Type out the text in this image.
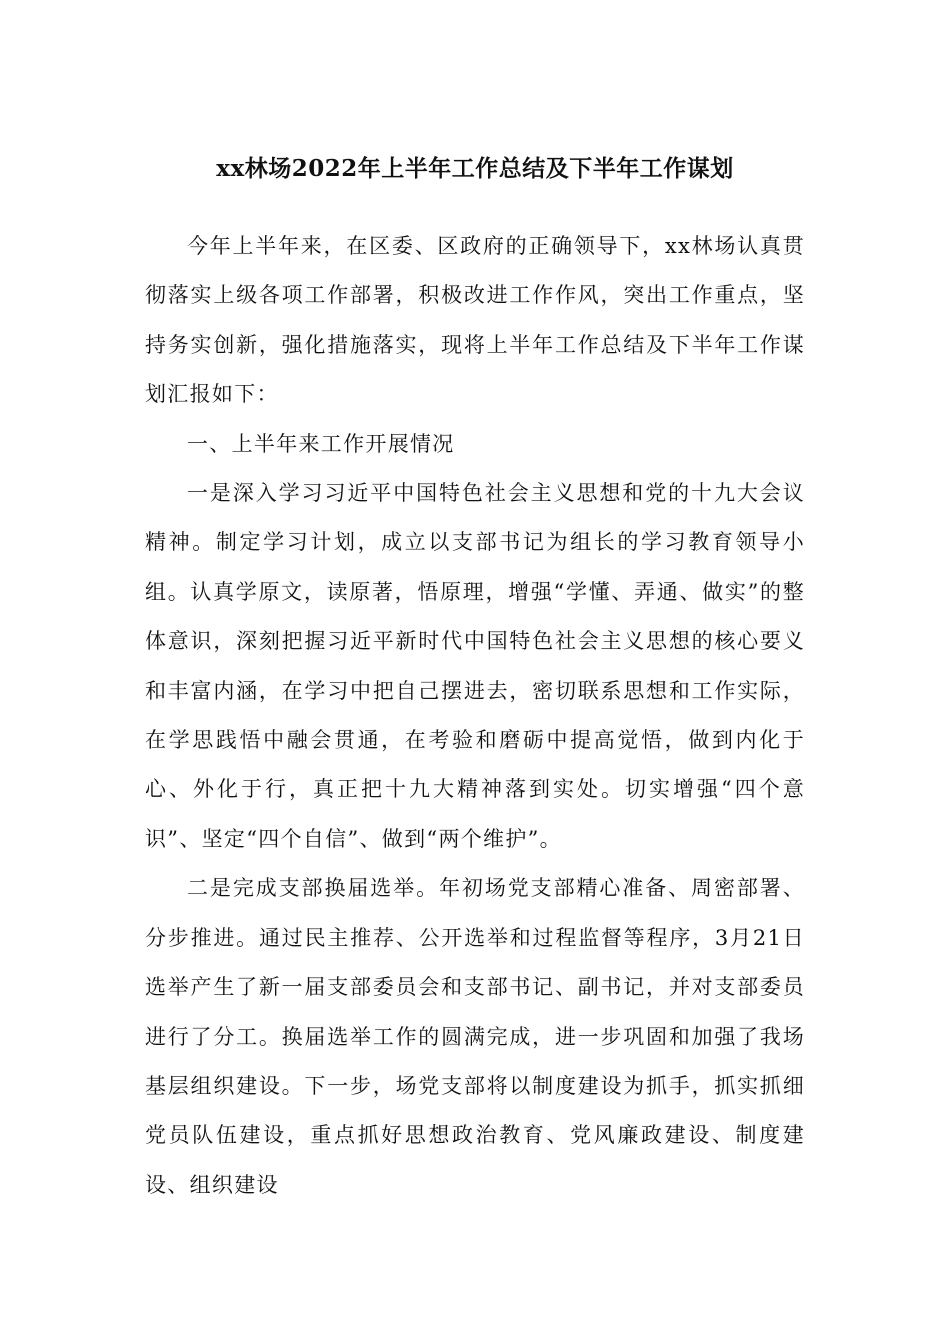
xx林场2022年上半年工作总结及下半年工作谋划

今年上半年来，在区委、区政府的正确领导下，xx林场认真贯彻落实上级各项工作部署，积极改进工作作风，突出工作重点，坚持务实创新，强化措施落实，现将上半年工作总结及下半年工作谋划汇报如下：

一、上半年来工作开展情况

一是深入学习习近平中国特色社会主义思想和党的十九大会议精神。制定学习计划，成立以支部书记为组长的学习教育领导小组。认真学原文，读原著，悟原理，增强“学懂、弄通、做实”的整体意识，深刻把握习近平新时代中国特色社会主义思想的核心要义和丰富内涵，在学习中把自己摆进去，密切联系思想和工作实际，在学思践悟中融会贯通，在考验和磨砺中提高觉悟，做到内化于心、外化于行，真正把十九大精神落到实处。切实增强“四个意识”、坚定“四个自信”、做到“两个维护”。

二是完成支部换届选举。年初场党支部精心准备、周密部署、分步推进。通过民主推荐、公开选举和过程监督等程序，3月21日选举产生了新一届支部委员会和支部书记、副书记，并对支部委员进行了分工。换届选举工作的圆满完成，进一步巩固和加强了我场基层组织建设。下一步，场党支部将以制度建设为抓手，抓实抓细党员队伍建设，重点抓好思想政治教育、党风廉政建设、制度建设、组织建设
